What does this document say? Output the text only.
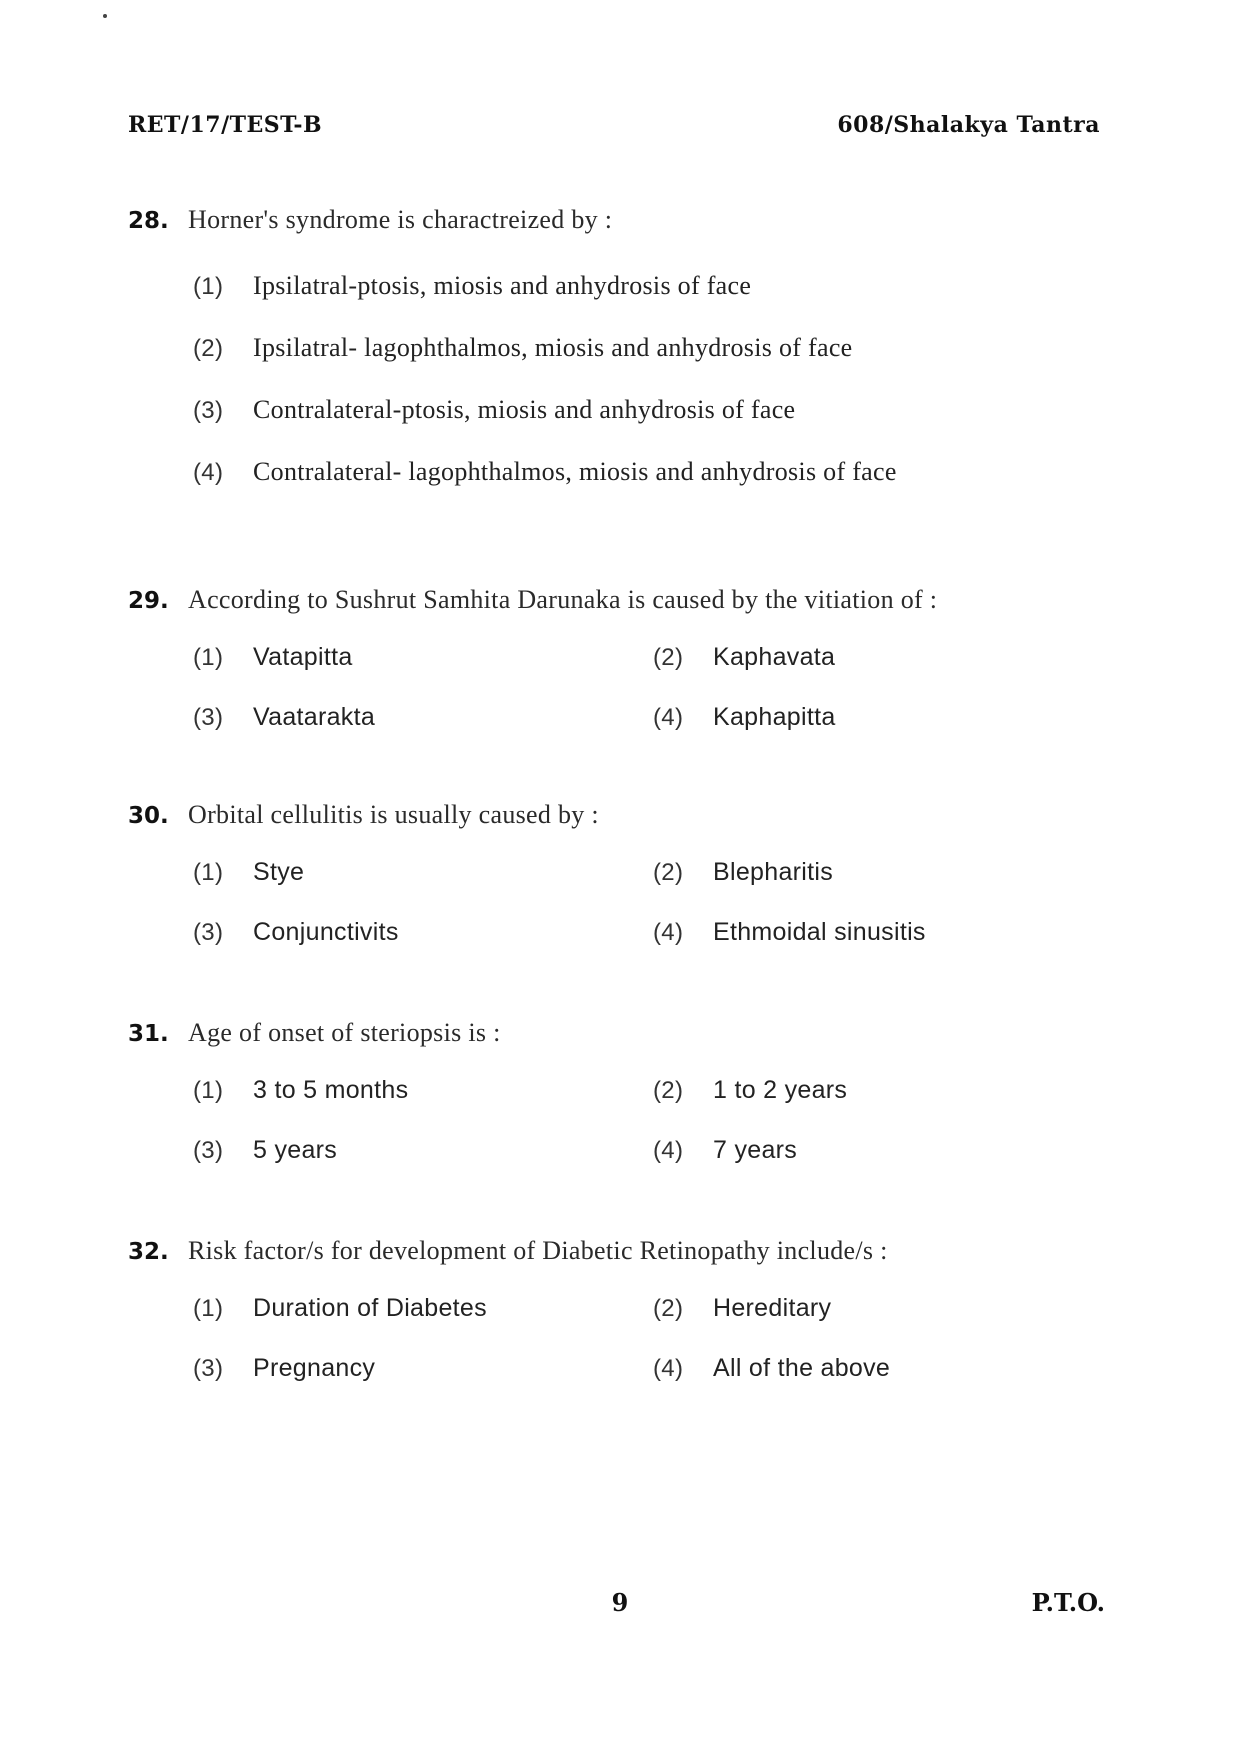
RET/17/TEST-B	608/Shalakya Tantra
28. Horner's syndrome is charactreized by :
(1)	Ipsilatral-ptosis, miosis and anhydrosis of face
(2)	Ipsilatral- lagophthalmos, miosis and anhydrosis of face
(3)	Contralateral-ptosis, miosis and anhydrosis of face
(4)	Contralateral- lagophthalmos, miosis and anhydrosis of face
29. According to Sushrut Samhita Darunaka is caused by the vitiation of :
(1)	Vatapitta	(2)	Kaphavata
(3)	Vaatarakta	(4)	Kaphapitta
30. Orbital cellulitis is usually caused by :
(1)	Stye	(2)	Blepharitis
(3)	Conjunctivits	(4)	Ethmoidal sinusitis
31. Age of onset of steriopsis is :
(1)	3 to 5 months	(2)	1 to 2 years
(3)	5 years	(4)	7 years
32. Risk factor/s for development of Diabetic Retinopathy include/s :
(1)	Duration of Diabetes	(2)	Hereditary
(3)	Pregnancy	(4)	All of the above
9	P.T.O.
